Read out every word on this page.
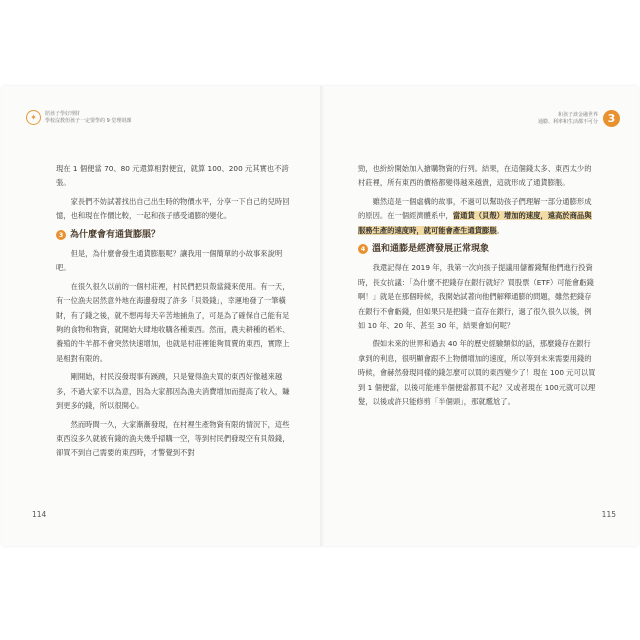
✦	陪孩子學好理財
學校沒教但孩子一定要學的 9 堂理財課

現在 1 個便當 70、80 元還算相對便宜，就算 100、200 元其實也不誇張。

家長們不妨試著找出自己出生時的物價水平，分享一下自己的兒時回憶，也和現在作價比較，一起和孩子感受通膨的變化。

3 為什麼會有通貨膨脹？

但是，為什麼會發生通貨膨脹呢？讓我用一個簡單的小故事來說明吧。

在很久很久以前的一個村莊裡，村民們把貝殼當錢來使用。有一天，有一位漁夫居然意外地在海邊發現了許多「貝殼錢」，幸運地發了一筆橫財，有了錢之後，就不想再每天辛苦地捕魚了，可是為了確保自己能有足夠的食物和物資，就開始大肆地收購各種東西。然而，農夫耕種的稻米、養殖的牛羊都不會突然快速增加，也就是村莊裡能夠買賣的東西，實際上是相對有限的。

剛開始，村民沒發現事有蹊蹺，只是覺得漁夫買的東西好像越來越多，不過大家不以為意，因為大家都因為漁夫消費增加而提高了收入，賺到更多的錢，所以很開心。

然而時間一久，大家漸漸發現，在村裡生產物資有限的情況下，這些東西沒多久就被有錢的漁夫幾乎掃購一空，等到村民們發現空有貝殼錢，卻買不到自己需要的東西時，才警覺到不對

114
和孩子談金融世界
通膨、利率和生活都不可分 3

勁，也紛紛開始加入搶購物資的行列。結果，在這個錢太多、東西太少的村莊裡，所有東西的價格都變得越來越貴，這就形成了通貨膨脹。

雖然這是一個虛構的故事，不過可以幫助孩子們理解一部分通膨形成的原因。在一個經濟體系中，當通貨（貝殼）增加的速度，遠高於商品與服務生產的速度時，就可能會產生通貨膨脹。

4 溫和通膨是經濟發展正常現象

我還記得在 2019 年，我第一次向孩子提議用儲蓄錢幫他們進行投資時，長女抗議：「為什麼不把錢存在銀行就好？買股票（ETF）可能會虧錢啊！」就是在那個時候，我開始試著向他們解釋通膨的問題，雖然把錢存在銀行不會虧錢，但如果只是把錢一直存在銀行，過了很久很久以後，例如 10 年、20 年、甚至 30 年，結果會如何呢？

假如未來的世界和過去 40 年的歷史經驗類似的話，那麼錢存在銀行拿到的利息，很明顯會跟不上物價增加的速度，所以等到未來需要用錢的時候，會赫然發現同樣的錢怎麼可以買的東西變少了！現在 100 元可以買到 1 個便當，以後可能連半個便當都買不起？又或者現在 100元就可以理髮，以後或許只能修剪「半個頭」，那就尷尬了。

115
